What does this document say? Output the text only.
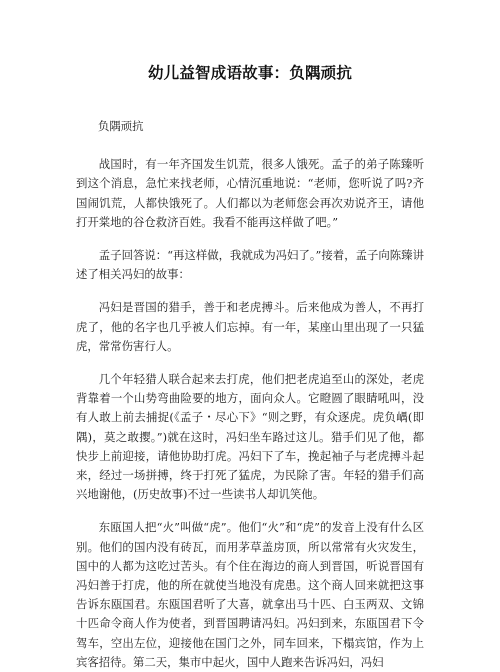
幼儿益智成语故事：负隅顽抗
负隅顽抗

战国时，有一年齐国发生饥荒，很多人饿死。孟子的弟子陈臻听到这个消息，急忙来找老师，心情沉重地说：“老师，您听说了吗?齐国闹饥荒，人都快饿死了。人们都以为老师您会再次劝说齐王，请他打开棠地的谷仓救济百姓。我看不能再这样做了吧。”

孟子回答说：“再这样做，我就成为冯妇了。”接着，孟子向陈臻讲述了相关冯妇的故事：

冯妇是晋国的猎手，善于和老虎搏斗。后来他成为善人，不再打虎了，他的名字也几乎被人们忘掉。有一年，某座山里出现了一只猛虎，常常伤害行人。

几个年轻猎人联合起来去打虎，他们把老虎追至山的深处，老虎背靠着一个山势弯曲险要的地方，面向众人。它瞪圆了眼睛吼叫，没有人敢上前去捕捉(《孟子・尽心下》“则之野，有众逐虎。虎负嵎(即隅)，莫之敢撄。”)就在这时，冯妇坐车路过这儿。猎手们见了他，都快步上前迎接，请他协助打虎。冯妇下了车，挽起袖子与老虎搏斗起来，经过一场拼搏，终于打死了猛虎，为民除了害。年轻的猎手们高兴地谢他，(历史故事)不过一些读书人却讥笑他。

东瓯国人把“火”叫做“虎”。他们“火”和“虎”的发音上没有什么区别。他们的国内没有砖瓦，而用茅草盖房顶，所以常常有火灾发生，国中的人都为这吃过苦头。有个住在海边的商人到晋国，听说晋国有冯妇善于打虎，他的所在就使当地没有虎患。这个商人回来就把这事告诉东瓯国君。东瓯国君听了大喜，就拿出马十匹、白玉两双、文锦十匹命令商人作为使者，到晋国聘请冯妇。冯妇到来，东瓯国君下令驾车，空出左位，迎接他在国门之外，同车回来，下榻宾馆，作为上宾客招待。第二天，集市中起火，国中人跑来告诉冯妇，冯妇
